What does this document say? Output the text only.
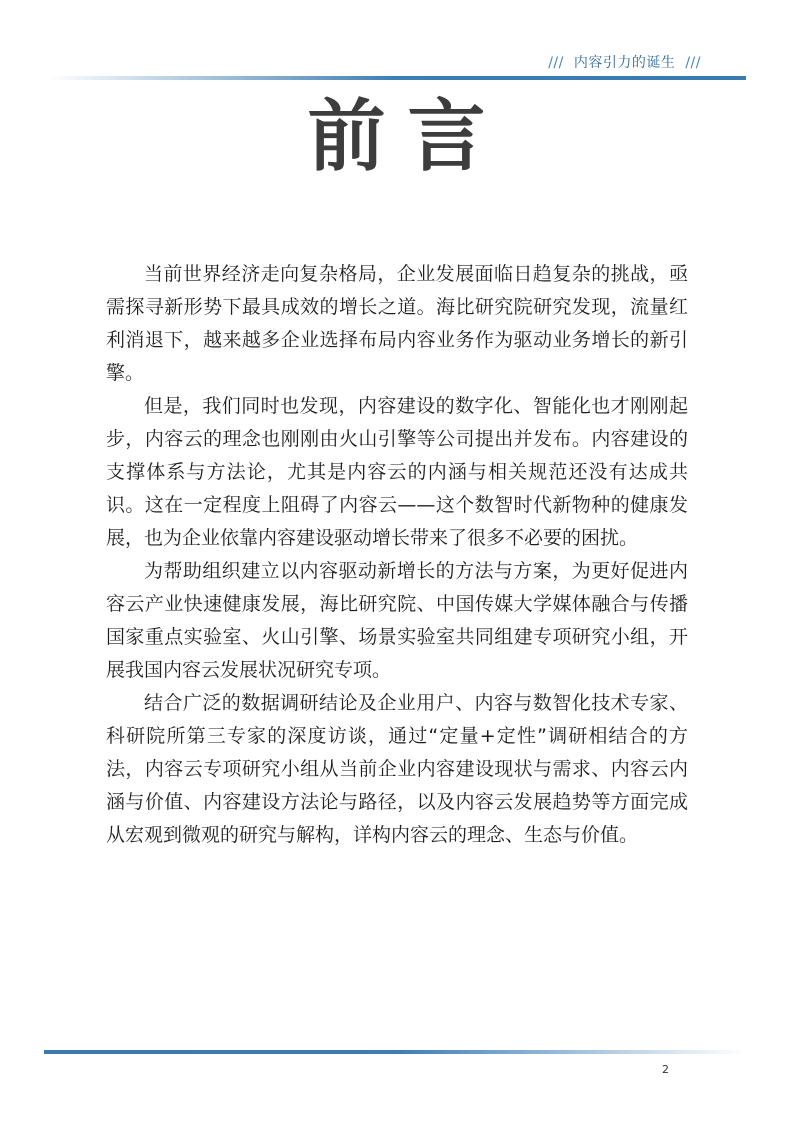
/// 内容引力的诞生 ///
前言

当前世界经济走向复杂格局，企业发展面临日趋复杂的挑战，亟需探寻新形势下最具成效的增长之道。海比研究院研究发现，流量红利消退下，越来越多企业选择布局内容业务作为驱动业务增长的新引擎。

但是，我们同时也发现，内容建设的数字化、智能化也才刚刚起步，内容云的理念也刚刚由火山引擎等公司提出并发布。内容建设的支撑体系与方法论，尤其是内容云的内涵与相关规范还没有达成共识。这在一定程度上阻碍了内容云——这个数智时代新物种的健康发展，也为企业依靠内容建设驱动增长带来了很多不必要的困扰。

为帮助组织建立以内容驱动新增长的方法与方案，为更好促进内容云产业快速健康发展，海比研究院、中国传媒大学媒体融合与传播国家重点实验室、火山引擎、场景实验室共同组建专项研究小组，开展我国内容云发展状况研究专项。

结合广泛的数据调研结论及企业用户、内容与数智化技术专家、科研院所第三专家的深度访谈，通过“定量+定性”调研相结合的方法，内容云专项研究小组从当前企业内容建设现状与需求、内容云内涵与价值、内容建设方法论与路径，以及内容云发展趋势等方面完成从宏观到微观的研究与解构，详构内容云的理念、生态与价值。

2
